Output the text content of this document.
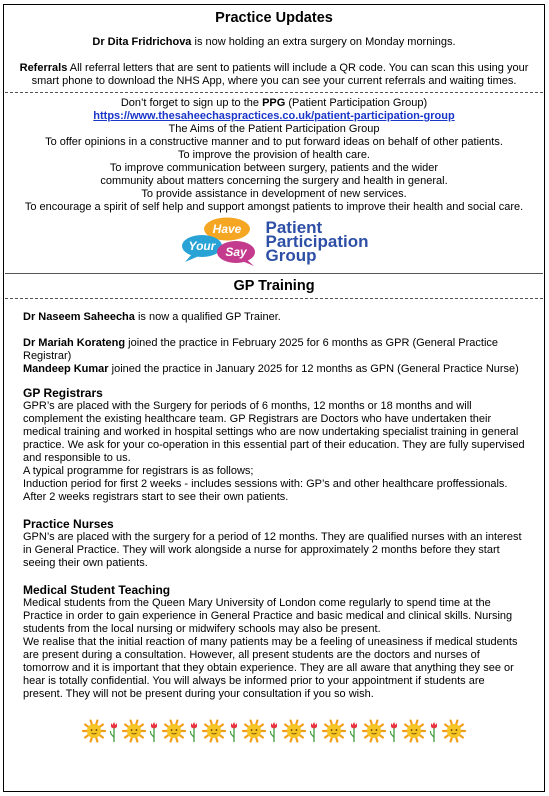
Practice Updates
Dr Dita Fridrichova is now holding an extra surgery on Monday mornings.
Referrals All referral letters that are sent to patients will include a QR code. You can scan this using your smart phone to download the NHS App, where you can see your current referrals and waiting times.
Don’t forget to sign up to the PPG (Patient Participation Group)
https://www.thesaheechaspractices.co.uk/patient-participation-group
The Aims of the Patient Participation Group
To offer opinions in a constructive manner and to put forward ideas on behalf of other patients.
To improve the provision of health care.
To improve communication between surgery, patients and the wider community about matters concerning the surgery and health in general.
To provide assistance in development of new services.
To encourage a spirit of self help and support amongst patients to improve their health and social care.
Have
Your Say
Patient
Participation
Group
GP Training
Dr Naseem Saheecha is now a qualified GP Trainer.
Dr Mariah Korateng joined the practice in February 2025 for 6 months as GPR (General Practice Registrar)
Mandeep Kumar joined the practice in January 2025 for 12 months as GPN (General Practice Nurse)
GP Registrars
GPR’s are placed with the Surgery for periods of 6 months, 12 months or 18 months and will complement the existing healthcare team. GP Registrars are Doctors who have undertaken their medical training and worked in hospital settings who are now undertaking specialist training in general practice. We ask for your co-operation in this essential part of their education. They are fully supervised and responsible to us.
A typical programme for registrars is as follows;
Induction period for first 2 weeks - includes sessions with: GP’s and other healthcare proffessionals.
After 2 weeks registrars start to see their own patients.
Practice Nurses
GPN’s are placed with the surgery for a period of 12 months. They are qualified nurses with an interest in General Practice. They will work alongside a nurse for approximately 2 months before they start seeing their own patients.
Medical Student Teaching
Medical students from the Queen Mary University of London come regularly to spend time at the Practice in order to gain experience in General Practice and basic medical and clinical skills. Nursing students from the local nursing or midwifery schools may also be present.
We realise that the initial reaction of many patients may be a feeling of uneasiness if medical students are present during a consultation. However, all present students are the doctors and nurses of tomorrow and it is important that they obtain experience. They are all aware that anything they see or hear is totally confidential. You will always be informed prior to your appointment if students are present. They will not be present during your consultation if you so wish.
